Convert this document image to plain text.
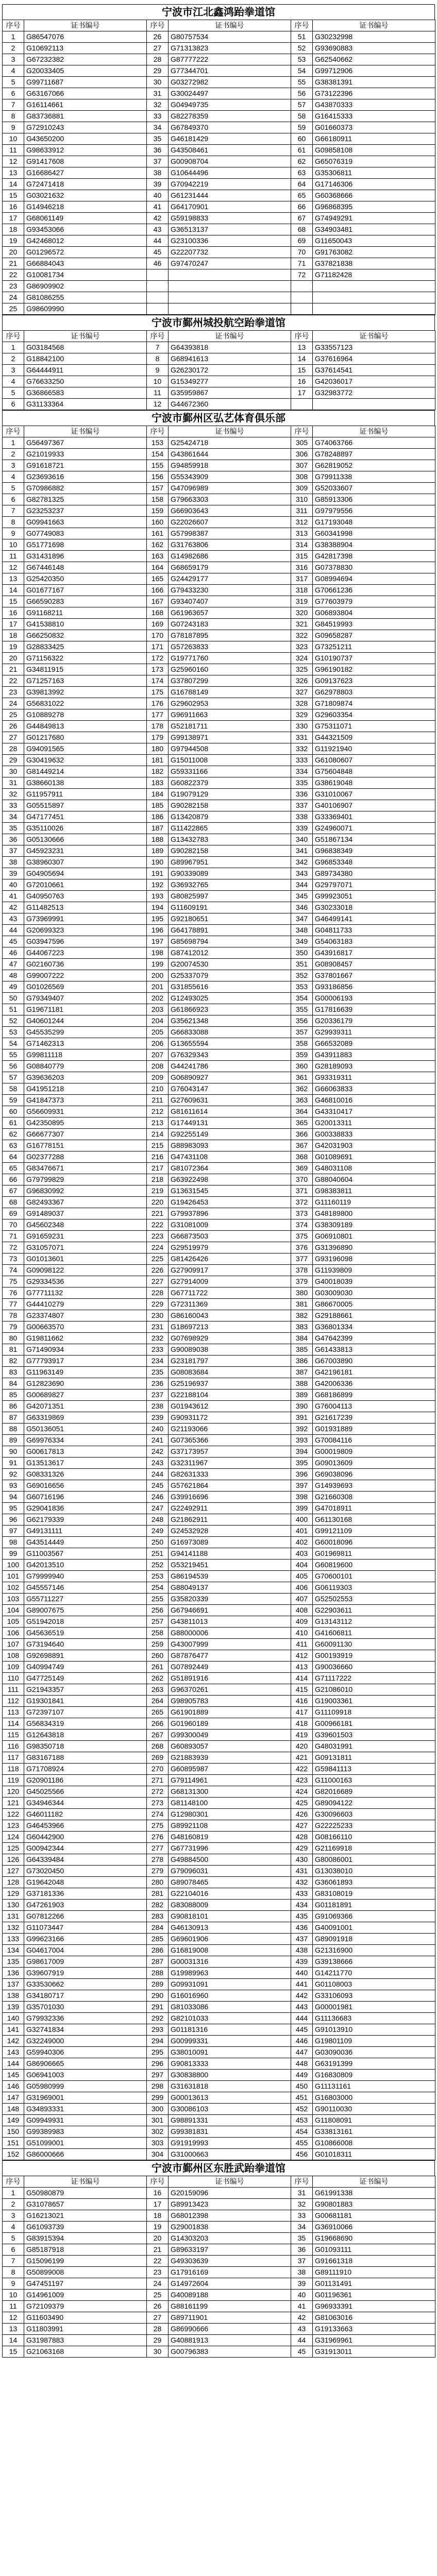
宁波市江北鑫鸿跆拳道馆
序号	证书编号	序号	证书编号	序号	证书编号
1	G86547076	26	G80757534	51	G30232998
2	G10692113	27	G71313823	52	G93690883
3	G67232382	28	G87777222	53	G62540662
4	G20033405	29	G77344701	54	G99712906
5	G99711687	30	G03272982	55	G38381391
6	G63167066	31	G30024497	56	G73122396
7	G16114661	32	G04949735	57	G43870333
8	G83736881	33	G82278359	58	G16415333
9	G72910243	34	G67849370	59	G01660373
10	G43650200	35	G46181429	60	G66180911
11	G98633912	36	G43508461	61	G09858108
12	G91417608	37	G00908704	62	G65076319
13	G16686427	38	G10644496	63	G35306811
14	G72471418	39	G70942219	64	G17146306
15	G03021632	40	G61231444	65	G60368666
16	G14946218	41	G64170901	66	G96868395
17	G68061149	42	G59198833	67	G74949291
18	G93453066	43	G36513137	68	G34903481
19	G42468012	44	G23100336	69	G11650043
20	G01296572	45	G22207732	70	G91763082
21	G66884043	46	G97470247	71	G37821838
22	G10081734			72	G71182428
23	G86909902				
24	G81086255				
25	G98609990				
宁波市鄞州城投航空跆拳道馆
序号	证书编号	序号	证书编号	序号	证书编号
1	G03184568	7	G64393818	13	G33557123
2	G18842100	8	G68941613	14	G37616964
3	G64444911	9	G26230172	15	G37614541
4	G76633250	10	G15349277	16	G42036017
5	G36866583	11	G35959867	17	G32983772
6	G31133364	12	G44672360		
宁波市鄞州区弘艺体育俱乐部
序号	证书编号	序号	证书编号	序号	证书编号
1	G56497367	153	G25424718	305	G74063766
2	G21019933	154	G43861644	306	G78248897
3	G91618721	155	G94859918	307	G62819052
4	G23693616	156	G55343909	308	G79911338
5	G70986882	157	G47096989	309	G52033607
6	G82781325	158	G79663303	310	G85913306
7	G23253237	159	G66903643	311	G97979556
8	G09941663	160	G22026607	312	G17193048
9	G07749083	161	G57998387	313	G60341998
10	G51771698	162	G31763806	314	G38388904
11	G31431896	163	G14982686	315	G42817398
12	G67446148	164	G68659179	316	G07378830
13	G25420350	165	G24429177	317	G08994694
14	G01677167	166	G79433230	318	G70661236
15	G66590283	167	G93407407	319	G77603979
16	G91168211	168	G61963657	320	G06893804
17	G41538810	169	G07243183	321	G84519993
18	G66250832	170	G78187895	322	G09658287
19	G28833425	171	G57263833	323	G73251211
20	G71156322	172	G19771760	324	G10190737
21	G34811915	173	G25960160	325	G96190182
22	G71257163	174	G37807299	326	G09137623
23	G39813992	175	G16788149	327	G62978803
24	G56831022	176	G29602953	328	G71809874
25	G10889278	177	G96911663	329	G29603354
26	G44849813	178	G52181711	330	G75311071
27	G01217680	179	G99138971	331	G44321509
28	G94091565	180	G97944508	332	G11921940
29	G30419632	181	G15011008	333	G61080607
30	G81449214	182	G59331166	334	G75604848
31	G38660138	183	G60822379	335	G38619048
32	G11957911	184	G19079129	336	G31010067
33	G05515897	185	G90282158	337	G40106907
34	G47177451	186	G13420879	338	G33369401
35	G35110026	187	G11422865	339	G24960071
36	G05130666	188	G13432783	340	G51867134
37	G45923231	189	G90282158	341	G96838349
38	G38960307	190	G89967951	342	G96853348
39	G04905694	191	G90339089	343	G89734380
40	G72010661	192	G36932765	344	G29797071
41	G40950763	193	G80825997	345	G99923051
42	G11482513	194	G11609191	346	G30233018
43	G73969991	195	G92180651	347	G46499141
44	G20699323	196	G64178891	348	G04811733
45	G03947596	197	G85698794	349	G54063183
46	G44067223	198	G87412012	350	G43916817
47	G02160736	199	G20074530	351	G08908457
48	G99007222	200	G25337079	352	G37801667
49	G01026569	201	G31855616	353	G93186856
50	G79349407	202	G12493025	354	G00006193
51	G19671181	203	G61866923	355	G17816639
52	G40601244	204	G35621348	356	G20336179
53	G45535299	205	G66833088	357	G29939311
54	G71462313	206	G13655594	358	G66532089
55	G99811118	207	G76329343	359	G43911883
56	G08840779	208	G44241786	360	G28189093
57	G39636203	209	G06890927	361	G93319311
58	G41951218	210	G76043147	362	G66063833
59	G41847373	211	G27609631	363	G46810016
60	G56609931	212	G81611614	364	G43310417
61	G42350895	213	G17449131	365	G20013311
62	G66677307	214	G92255149	366	G00338833
63	G16778151	215	G88983093	367	G42031903
64	G02377288	216	G47431108	368	G01089691
65	G83476671	217	G81072364	369	G48031108
66	G79799829	218	G63922498	370	G88040604
67	G96830992	219	G13631545	371	G98383811
68	G82493367	220	G19426453	372	G11160119
69	G91489037	221	G79937896	373	G48189800
70	G45602348	222	G31081009	374	G38309189
71	G91659231	223	G66873503	375	G06910801
72	G31057071	224	G29519979	376	G31396890
73	G01013601	225	G81426426	377	G93196098
74	G09098122	226	G27909917	378	G11939809
75	G29334536	227	G27914009	379	G40018039
76	G77711132	228	G67711722	380	G03009030
77	G44410279	229	G72311369	381	G86670005
78	G23374807	230	G86160043	382	G29188661
79	G00663570	231	G18697213	383	G36801334
80	G19811662	232	G07698929	384	G47642399
81	G71490934	233	G90089038	385	G61433813
82	G77793917	234	G23181797	386	G67003890
83	G11963149	235	G08083684	387	G42196181
84	G12823690	236	G25196937	388	G42006336
85	G00689827	237	G22188104	389	G68186899
86	G42071351	238	G01943612	390	G76004113
87	G63319869	239	G90931172	391	G21617239
88	G50136051	240	G21193066	392	G01931889
89	G69976334	241	G07365366	393	G70084116
90	G00617813	242	G37173957	394	G00019809
91	G13513617	243	G32311967	395	G09013609
92	G08331326	244	G82631333	396	G69038096
93	G69016656	245	G57621864	397	G14939693
94	G60716196	246	G39916696	398	G21660308
95	G29041836	247	G22492911	399	G47018911
96	G62179339	248	G21862911	400	G61130168
97	G49131111	249	G24532928	401	G99121109
98	G43514449	250	G16973089	402	G60018096
99	G11003567	251	G94141188	403	G01969811
100	G42013510	252	G53219451	404	G60819600
101	G79999940	253	G86194539	405	G70600101
102	G45557146	254	G88049137	406	G06119303
103	G55711227	255	G35820339	407	G52502553
104	G89007675	256	G67946691	408	G22903611
105	G51942018	257	G43811013	409	G13143112
106	G45636519	258	G88000006	410	G41606811
107	G73194640	259	G43007999	411	G60091130
108	G92698891	260	G87876477	412	G00193919
109	G40994749	261	G07892449	413	G90036660
110	G47725149	262	G51891916	414	G71117222
111	G21943357	263	G96370261	415	G21086010
112	G19301841	264	G98905783	416	G19003361
113	G72397107	265	G61901889	417	G11109918
114	G56834319	266	G01960189	418	G00966181
115	G12643818	267	G99300049	419	G39601503
116	G98350718	268	G60893057	420	G48031991
117	G83167188	269	G21883939	421	G09131811
118	G71708924	270	G60895987	422	G59841113
119	G20901186	271	G79114961	423	G11000163
120	G45025566	272	G68131300	424	G82016689
121	G34946344	273	G81148100	425	G89094122
122	G46011182	274	G12980301	426	G30096603
123	G46453966	275	G89921108	427	G22225233
124	G60442900	276	G48160819	428	G08166110
125	G00942344	277	G67731996	429	G21169918
126	G64339484	278	G49884500	430	G80086001
127	G73020450	279	G79096031	431	G13038010
128	G19642048	280	G89078465	432	G36061893
129	G37181336	281	G22104016	433	G83108019
130	G47261903	282	G83088009	434	G01181891
131	G07812266	283	G90818101	435	G91069366
132	G11073447	284	G46130913	436	G40091001
133	G99623166	285	G69601906	437	G89091918
134	G04617004	286	G16819008	438	G21316900
135	G98617009	287	G00031316	439	G39138666
136	G39607919	288	G19989963	440	G14211770
137	G33530662	289	G09931091	441	G01108003
138	G34180717	290	G16016960	442	G33106093
139	G35701030	291	G81033086	443	G00001981
140	G79932336	292	G82101033	444	G11136683
141	G32741834	293	G01181316	445	G91013910
142	G32249000	294	G00999331	446	G19801109
143	G59940306	295	G38010091	447	G03090036
144	G86906665	296	G90813333	448	G63191399
145	G06941003	297	G30838800	449	G16830809
146	G05980999	298	G31631818	450	G11131161
147	G31969001	299	G00013613	451	G16803000
148	G34893331	300	G30086103	452	G90110030
149	G09949931	301	G98891331	453	G11808091
150	G99389983	302	G99381831	454	G33813161
151	G51099001	303	G91919993	455	G10866008
152	G86000666	304	G31000663	456	G01018311
宁波市鄞州区东胜武跆拳道馆
序号	证书编号	序号	证书编号	序号	证书编号
1	G50980879	16	G20159096	31	G61991338
2	G31078657	17	G89913423	32	G90801883
3	G16213021	18	G68012398	33	G00681181
4	G61093739	19	G29001838	34	G36910066
5	G83915394	20	G14303203	35	G19668690
6	G85187918	21	G89633197	36	G01093111
7	G15096199	22	G49303639	37	G91661318
8	G50899008	23	G17916169	38	G89111910
9	G47451197	24	G14972604	39	G01131491
10	G14961009	25	G40089188	40	G01196361
11	G72109379	26	G88161199	41	G96933391
12	G11603490	27	G89711901	42	G81063016
13	G11803991	28	G86990666	43	G19133663
14	G31987883	29	G40881913	44	G31969961
15	G21063168	30	G00796383	45	G31913011
